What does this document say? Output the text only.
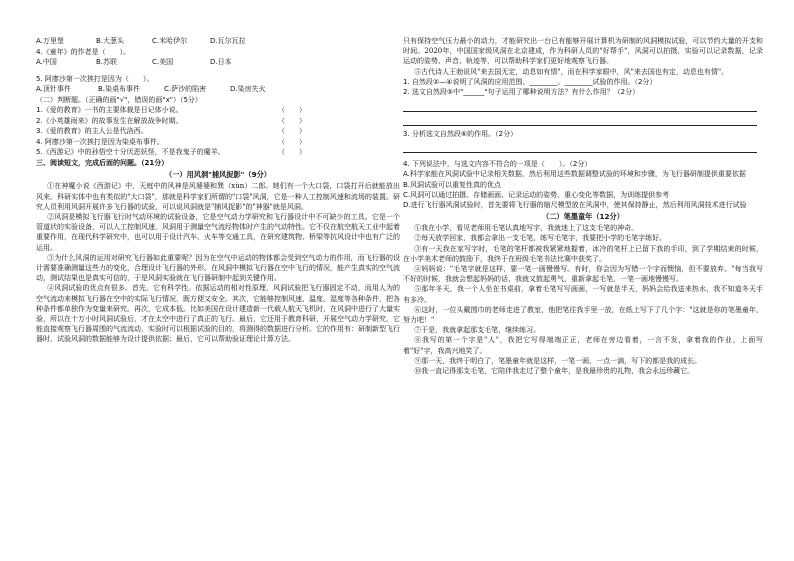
A.万里堡	B.大葱头	C.米哈伊尔	D.瓦尔瓦拉
4.《童年》的作者是（　　）。
A.中国	B.苏联	C.美国	D.日本
5. 阿廖沙第一次挨打是因为（　　）。
A.顶针事件	B.染桌布事件	C.萨沙的陷害	D.染房失火
（二）判断题。（正确的画"√"，错误的画"x"）（5分）
1.《爱的教育》一书的主要体裁是日记体小说。	（　　）
2.《小英雄雨来》的故事发生在解放战争时期。	（　　）
3.《爱的教育》的主人公是代洛西。	（　　）
4. 阿廖沙第一次挨打是因为染桌布事件。	（　　）
5.《西游记》中的孙悟空十分厌恶妖怪，不是我鬼子的魔羊。	（　　）
三、阅读短文，完成后面的问题。（21分）
（一）用风洞"捕风捉影"（9分）

①在神魔小说《西游记》中，天庭中的风神是风婆婆和巽（xùn）二郎。她们有一个大口袋，口袋打开后就能放出风来。科研实体中也有类似的"大口袋"，那就是科学家们所谓的"口袋"风洞，它是一种人工控制风速和流场的装置。研究人员利用风洞开展许多飞行器的试验，可以说风洞就是"捕风捉影"的"神器"就是风洞。

②风洞是模拟飞行器飞行时气动环境的试验设备，它是空气动力学研究和飞行器设计中不可缺少的工具。它是一个管道状的实验设备，可以人工控制风速，风洞用于测量空气流经物体时产生的气动特性。它不仅在航空航天工业中起着重要作用，在现代科学研究中，也可以用于设计汽车、火车等交通工具，在研究建筑物、桥梁等抗风设计中也有广泛的运用。

③为什么风洞的运用对研究飞行器如此重要呢？因为在空气中运动的物体都会受到空气动力的作用，而飞行器的设计需要准确测量这些力的变化，合理设计飞行器的外形。在风洞中模拟飞行器在空中飞行的情况，能产生真实的空气流动，测试结果也是真实可信的，于是风洞实验就在飞行器研制中起到关键作用。

④风洞试验的优点有很多。首先，它有科学性。依据运动的相对性原理，风洞试验把飞行器固定不动，而用人为的空气流动来模拟飞行器在空中的实际飞行情况，既方便又安全。其次，它能够控制风速、温度、湿度等各种条件，把各种条件都单独作为变量来研究。再次，它成本低。比如美国在设计建造新一代载人航天飞机时，在风洞中进行了大量实验，所以在十万小时风洞试验后，才在太空中进行了真正的飞行。最后，它还用于教育科研，开展空气动力学研究，它能直接观察飞行器周围的气流流动，实验时可以根据试验的目的，将测得的数据进行分析。它的作用有：研制新型飞行器时，试验风洞的数据能够为设计提供依据；最后，它可以帮助验证理论计算方法。

只有保持空气压力最小的动力，才能研究出一台已有能够开展计算机为研制的风洞模拟试验，可以节约大量的开支和时间。2020年，中国国家级风洞在北京建成，作为科研人员的"好帮手"，风洞可以拍摄，实验可以记录数据，记录运动的姿势、声音、轨迹等，可以帮助科学家们更好地观察飞行器。

⑤古代诗人王勃说风"来去国无定，动息如有情"，而在科学家眼中，风"来去国也有定，动息也有情"。

1. 自然段②—④说明了风洞的应用范围、________、________试验的作用。（2分）
2. 选文自然段⑤中"______"句子运用了哪种说明方法？有什么作用？（2分）
3. 分析选文自然段⑥的作用。（2分）
4. 下列说法中，与选文内容不符合的一项是（　　）。（2分）

A.科学家能在风洞试验中记录相关数据，然后利用这些数据调整试验的环境和步骤，为飞行器研制提供重要依据

B.风洞试验可以重复性真的优点

C.风洞可以通过拍摄、存储画面、记录运动的姿势、重心变化等数据，为训练提供参考

D.进行飞行器风洞试验时，首先要将飞行器的缩尺模型放在风洞中，使其保持静止，然后利用风洞技术进行试验

（二）笔墨童年（12分）

①我在小学，看见老师用毛笔认真地写字，我就迷上了这支毛笔的神奇。

②每天放学回家，我都会拿出一支毛笔，练写毛笔字，我要把小学的毛笔字练好。

③有一天我在家写字时，毛笔的笔杆都被我紧紧地握着，冰冷的笔杆上已留下我的手印，到了学期结束的时候，在小学美术老师的鼓励下，我终于在班级毛笔书法比赛中获奖了。

④妈妈说："毛笔字就是这样，要一笔一画慢慢写。有时，你会因为写错一个字而懊恼，但不要放弃。"每当我写不好的时候，我就会想起妈妈的话，我就又鼓起勇气，重新拿起毛笔，一笔一画地慢慢写。

⑤那年冬天，我一个人坐在书桌前，拿着毛笔写写画画，一写就是半天，妈妈会给我送来热水，我不知道冬天手有多冷。

⑥这时，一位头戴围巾的老师走进了教室，他把笔往我手里一放，在纸上写下了几个字："这就是你的笔墨童年，努力吧！"

⑦于是，我就拿起那支毛笔，继续练习。

⑧我写的第一个字是"人"，我把它写得端端正正，老师在旁边看着，一言不发，拿着我的作业，上面写着"好"字，我高兴地笑了。

⑨那一天，我终于明白了，笔墨童年就是这样，一笔一画，一点一滴，写下的都是我的成长。

⑩我一直记得那支毛笔，它陪伴我走过了整个童年，是我最珍贵的礼物，我会永远珍藏它。
